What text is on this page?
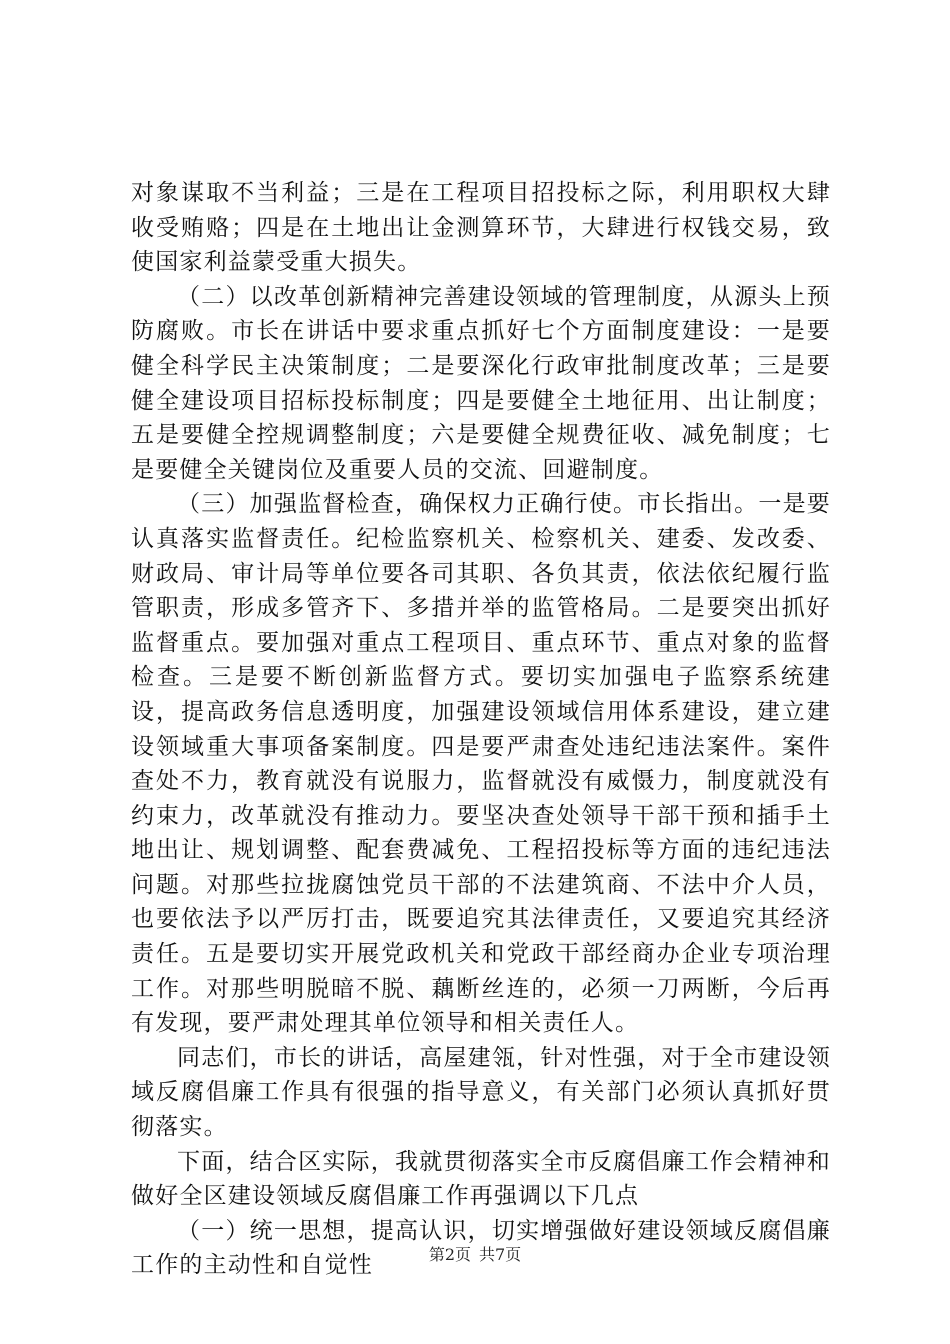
对象谋取不当利益；三是在工程项目招投标之际，利用职权大肆收受贿赂；四是在土地出让金测算环节，大肆进行权钱交易，致使国家利益蒙受重大损失。

（二）以改革创新精神完善建设领域的管理制度，从源头上预防腐败。市长在讲话中要求重点抓好七个方面制度建设：一是要健全科学民主决策制度；二是要深化行政审批制度改革；三是要健全建设项目招标投标制度；四是要健全土地征用、出让制度；五是要健全控规调整制度；六是要健全规费征收、减免制度；七是要健全关键岗位及重要人员的交流、回避制度。

（三）加强监督检查，确保权力正确行使。市长指出。一是要认真落实监督责任。纪检监察机关、检察机关、建委、发改委、财政局、审计局等单位要各司其职、各负其责，依法依纪履行监管职责，形成多管齐下、多措并举的监管格局。二是要突出抓好监督重点。要加强对重点工程项目、重点环节、重点对象的监督检查。三是要不断创新监督方式。要切实加强电子监察系统建设，提高政务信息透明度，加强建设领域信用体系建设，建立建设领域重大事项备案制度。四是要严肃查处违纪违法案件。案件查处不力，教育就没有说服力，监督就没有威慑力，制度就没有约束力，改革就没有推动力。要坚决查处领导干部干预和插手土地出让、规划调整、配套费减免、工程招投标等方面的违纪违法问题。对那些拉拢腐蚀党员干部的不法建筑商、不法中介人员，也要依法予以严厉打击，既要追究其法律责任，又要追究其经济责任。五是要切实开展党政机关和党政干部经商办企业专项治理工作。对那些明脱暗不脱、藕断丝连的，必须一刀两断，今后再有发现，要严肃处理其单位领导和相关责任人。

同志们，市长的讲话，高屋建瓴，针对性强，对于全市建设领域反腐倡廉工作具有很强的指导意义，有关部门必须认真抓好贯彻落实。

下面，结合区实际，我就贯彻落实全市反腐倡廉工作会精神和做好全区建设领域反腐倡廉工作再强调以下几点

（一）统一思想，提高认识，切实增强做好建设领域反腐倡廉工作的主动性和自觉性	第2页 共7页
